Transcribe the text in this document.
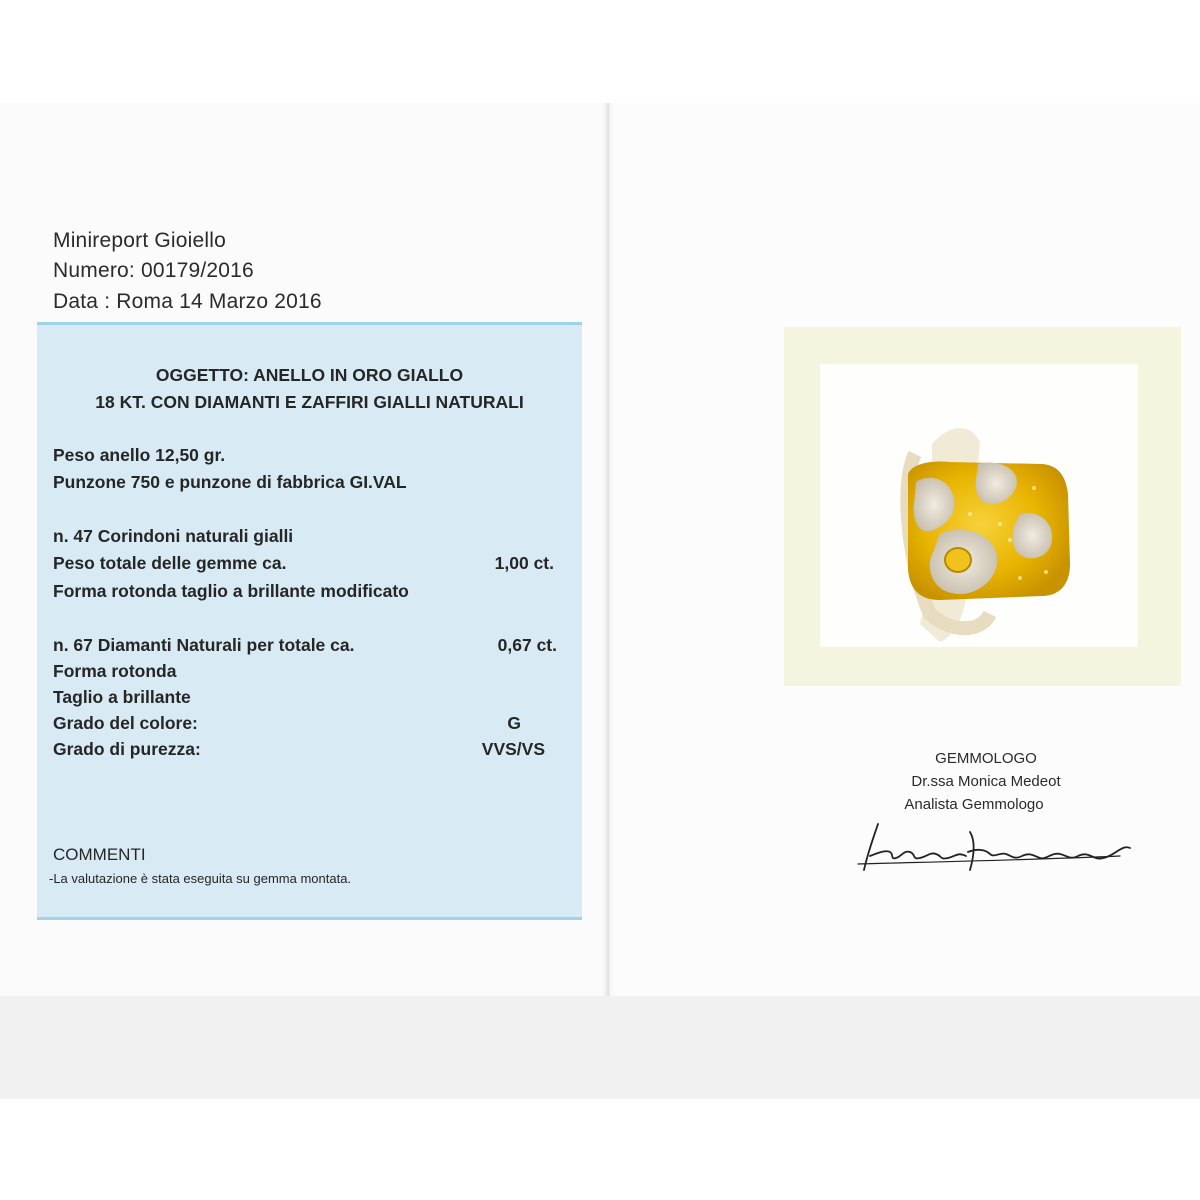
Minireport Gioiello
Numero: 00179/2016
Data : Roma 14 Marzo 2016
OGGETTO: ANELLO IN ORO GIALLO
18 KT. CON DIAMANTI E ZAFFIRI GIALLI NATURALI
Peso anello 12,50 gr.
Punzone 750 e punzone di fabbrica GI.VAL
n. 47 Corindoni naturali gialli
Peso totale delle gemme ca.	1,00 ct.
Forma rotonda taglio a brillante modificato
n. 67 Diamanti Naturali per totale ca.	0,67 ct.
Forma rotonda
Taglio a brillante
Grado del colore:	G
Grado di purezza:	VVS/VS
COMMENTI
-La valutazione è stata eseguita su gemma montata.
GEMMOLOGO
Dr.ssa Monica Medeot
Analista Gemmologo
